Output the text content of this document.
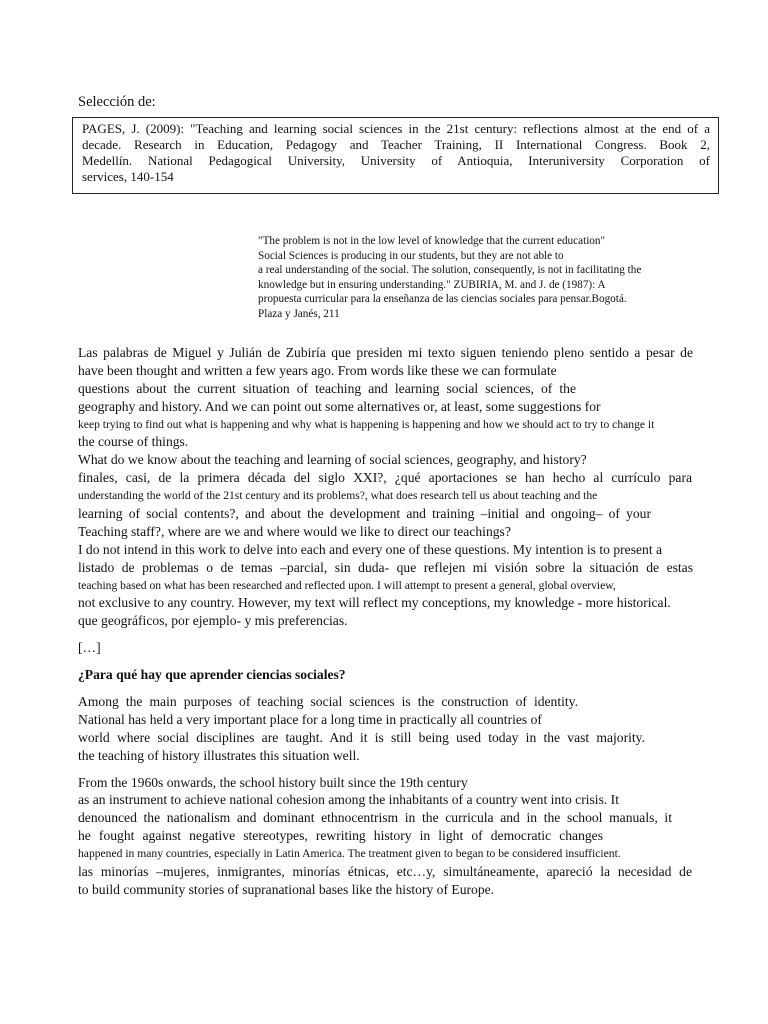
Selección de:
PAGES, J. (2009): "Teaching and learning social sciences in the 21st century: reflections almost at the end of a
decade. Research in Education, Pedagogy and Teacher Training, II International Congress. Book 2,
Medellín. National Pedagogical University, University of Antioquia, Interuniversity Corporation of
services, 140-154
"The problem is not in the low level of knowledge that the current education"
Social Sciences is producing in our students, but they are not able to
a real understanding of the social. The solution, consequently, is not in facilitating the
knowledge but in ensuring understanding." ZUBIRIA, M. and J. de (1987): A
propuesta curricular para la enseñanza de las ciencias sociales para pensar.Bogotá.
Plaza y Janés, 211
Las palabras de Miguel y Julián de Zubiría que presiden mi texto siguen teniendo pleno sentido a pesar de
have been thought and written a few years ago. From words like these we can formulate
questions about the current situation of teaching and learning social sciences, of the
geography and history. And we can point out some alternatives or, at least, some suggestions for
keep trying to find out what is happening and why what is happening is happening and how we should act to try to change it
the course of things.
What do we know about the teaching and learning of social sciences, geography, and history?
finales, casi, de la primera década del siglo XXI?, ¿qué aportaciones se han hecho al currículo para
understanding the world of the 21st century and its problems?, what does research tell us about teaching and the
learning of social contents?, and about the development and training –initial and ongoing– of your
Teaching staff?, where are we and where would we like to direct our teachings?
I do not intend in this work to delve into each and every one of these questions. My intention is to present a
listado de problemas o de temas –parcial, sin duda- que reflejen mi visión sobre la situación de estas
teaching based on what has been researched and reflected upon. I will attempt to present a general, global overview,
not exclusive to any country. However, my text will reflect my conceptions, my knowledge - more historical.
que geográficos, por ejemplo- y mis preferencias.
[…]
¿Para qué hay que aprender ciencias sociales?
Among the main purposes of teaching social sciences is the construction of identity.
National has held a very important place for a long time in practically all countries of
world where social disciplines are taught. And it is still being used today in the vast majority.
the teaching of history illustrates this situation well.
From the 1960s onwards, the school history built since the 19th century
as an instrument to achieve national cohesion among the inhabitants of a country went into crisis. It
denounced the nationalism and dominant ethnocentrism in the curricula and in the school manuals, it
he fought against negative stereotypes, rewriting history in light of democratic changes
happened in many countries, especially in Latin America. The treatment given to began to be considered insufficient.
las minorías –mujeres, inmigrantes, minorías étnicas, etc…y, simultáneamente, apareció la necesidad de
to build community stories of supranational bases like the history of Europe.
